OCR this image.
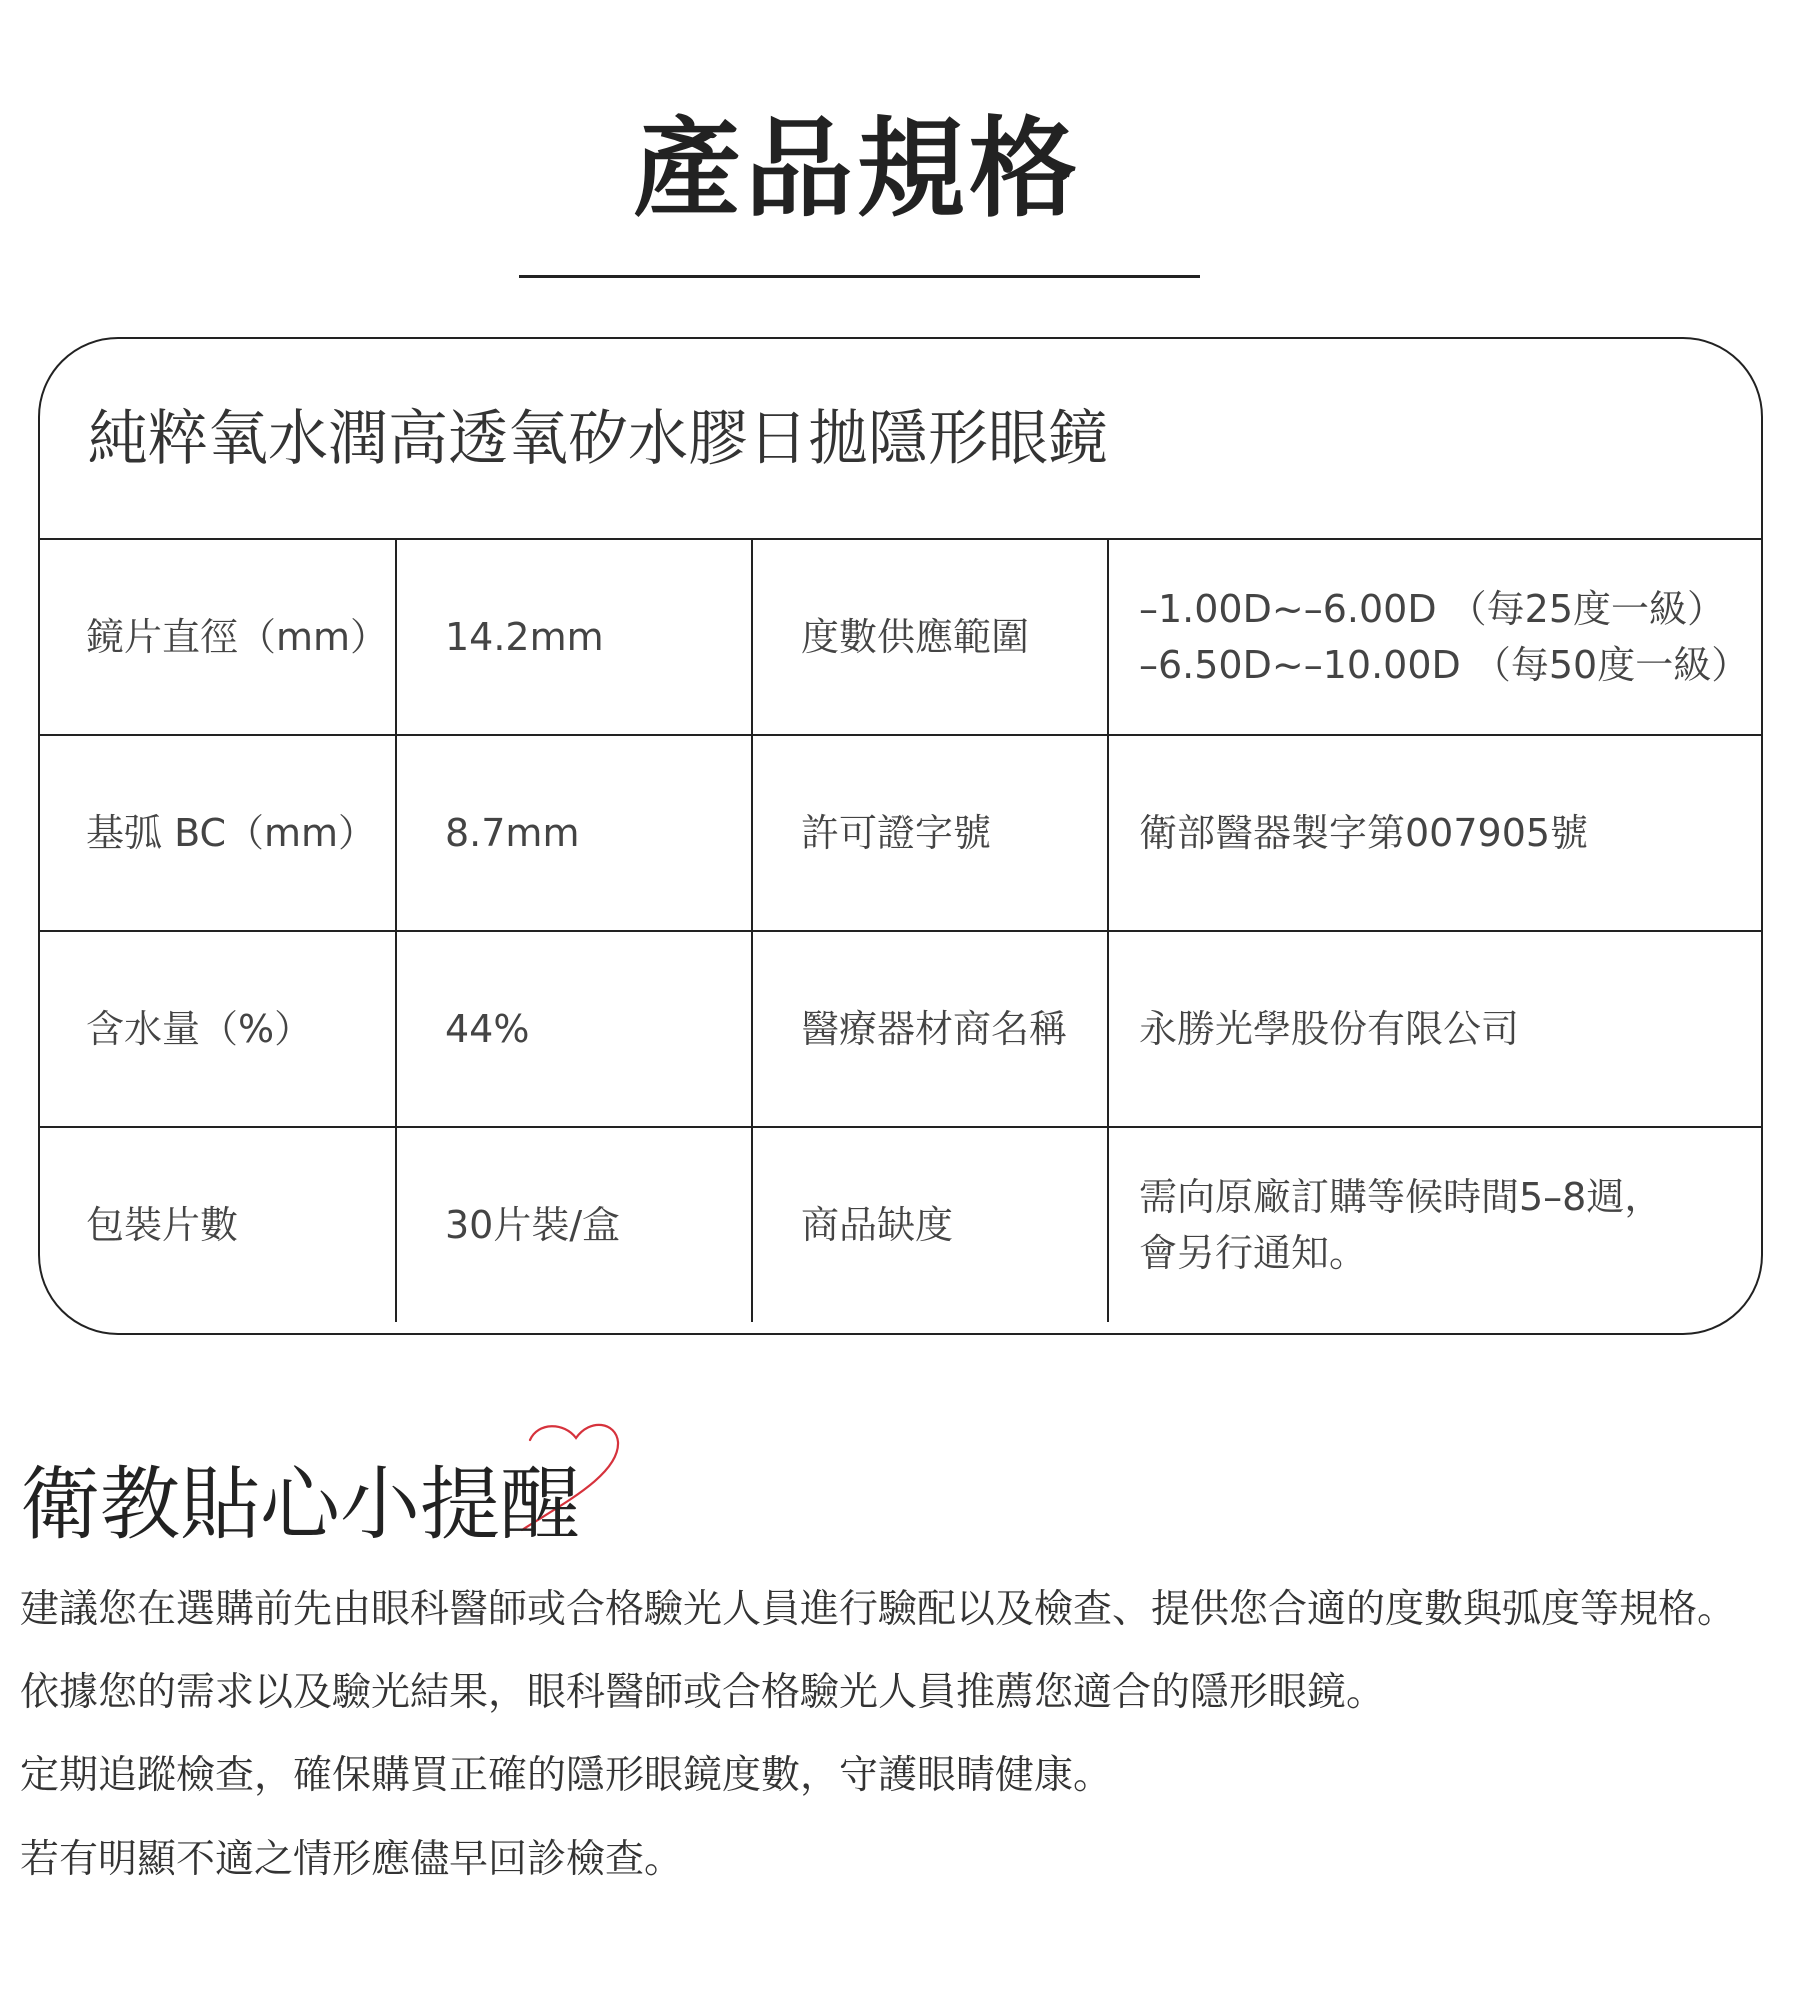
產品規格
純粹氧水潤高透氧矽水膠日拋隱形眼鏡
鏡片直徑（mm）	14.2mm	度數供應範圍	–1.00D~–6.00D （每25度一級）
–6.50D~–10.00D （每50度一級）

基弧 BC（mm）	8.7mm	許可證字號	衛部醫器製字第007905號

含水量（%）	44%	醫療器材商名稱	永勝光學股份有限公司

包裝片數	30片裝/盒	商品缺度	需向原廠訂購等候時間5–8週，
會另行通知。
衛教貼心小提醒
建議您在選購前先由眼科醫師或合格驗光人員進行驗配以及檢查、提供您合適的度數與弧度等規格。
依據您的需求以及驗光結果，眼科醫師或合格驗光人員推薦您適合的隱形眼鏡。
定期追蹤檢查，確保購買正確的隱形眼鏡度數，守護眼睛健康。
若有明顯不適之情形應儘早回診檢查。
